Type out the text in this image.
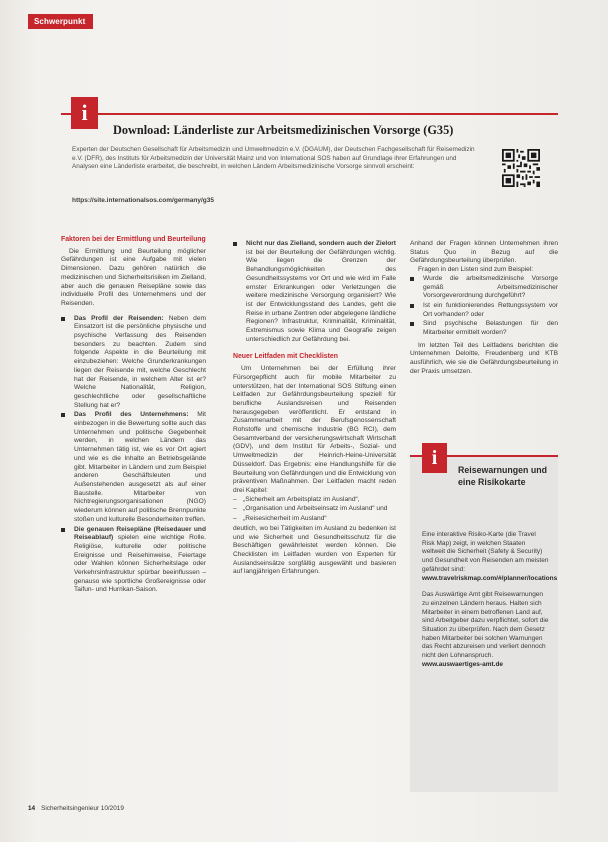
Schwerpunkt
i
Download: Länderliste zur Arbeitsmedizinischen Vorsorge (G35)
Experten der Deutschen Gesellschaft für Arbeitsmedizin und Umweltmedizin e.V. (DGAUM), der Deutschen Fachgesellschaft für Reisemedizin e.V. (DFR), des Instituts für Arbeitsmedizin der Universität Mainz und von International SOS haben auf Grundlage ihrer Erfahrungen und Analysen eine Länderliste erarbeitet, die beschreibt, in welchen Ländern Arbeitsmedizinische Vorsorge sinnvoll erscheint:
https://site.internationalsos.com/germany/g35
Faktoren bei der Ermittlung und Beurteilung

Die Ermittlung und Beurteilung möglicher Gefährdungen ist eine Aufgabe mit vielen Dimensionen. Dazu gehören natürlich die medizinischen und Sicherheitsrisiken im Zielland, aber auch die genauen Reisepläne sowie das individuelle Profil des Unternehmens und der Reisenden.

Das Profil der Reisenden: Neben dem Einsatzort ist die persönliche physische und psychische Verfassung des Reisenden besonders zu beachten. Zudem sind folgende Aspekte in die Beurteilung mit einzubeziehen: Welche Grunderkrankungen liegen der Reisende mit, welche Geschlecht hat der Reisende, in welchem Alter ist er? Welche Nationalität, Religion, geschlechtliche oder gesellschaftliche Stellung hat er?
Das Profil des Unternehmens: Mit einbezogen in die Bewertung sollte auch das Unternehmen und politische Gegebenheit werden, in welchen Ländern das Unternehmen tätig ist, wie es vor Ort agiert und wie es die Inhalte an Betriebsgelände gibt. Mitarbeiter in Ländern und zum Beispiel anderen Geschäftsleuten und Außenstehenden ausgesetzt als auf einer Baustelle. Mitarbeiter von Nichtregierungsorganisationen (NGO) wiederum können auf politische Brennpunkte stoßen und kulturelle Besonderheiten treffen.
Die genauen Reisepläne (Reisedauer und Reiseablauf) spielen eine wichtige Rolle. Religiöse, kulturelle oder politische Ereignisse und Reisehinweise, Feiertage oder Wahlen können Sicherheitslage oder Verkehrsinfrastruktur spürbar beeinflussen – genauso wie sportliche Großereignisse oder Taifun- und Hurrikan-Saison.
Nicht nur das Zielland, sondern auch der Zielort ist bei der Beurteilung der Gefährdungen wichtig. Wie liegen die Grenzen der Behandlungsmöglichkeiten des Gesundheitssystems vor Ort und wie wird im Falle ernster Erkrankungen oder Verletzungen die weitere medizinische Versorgung organisiert? Wie ist der Entwicklungsstand des Landes, geht die Reise in urbane Zentren oder abgelegene ländliche Regionen? Infrastruktur, Kriminalität, Kriminalität, Extremismus sowie Klima und Geografie zeigen unterschiedlich zur Gefährdung bei.
Neuer Leitfaden mit Checklisten

Um Unternehmen bei der Erfüllung ihrer Fürsorgepflicht auch für mobile Mitarbeiter zu unterstützen, hat der International SOS Stiftung einen Leitfaden zur Gefährdungsbeurteilung speziell für berufliche Auslandsreisen und Reisenden herausgegeben veröffentlicht. Er entstand in Zusammenarbeit mit der Berufsgenossenschaft Rohstoffe und chemische Industrie (BG RCI), dem Gesamtverband der versicherungswirtschaft Wirtschaft (GDV), und dem Institut für Arbeits-, Sozial- und Umweltmedizin der Heinrich-Heine-Universität Düsseldorf. Das Ergebnis: eine Handlungshilfe für die Beurteilung von Gefährdungen und die Entwicklung von präventiven Maßnahmen. Der Leitfaden macht reden drei Kapitel:

– „Sicherheit am Arbeitsplatz im Ausland“,
– „Organisation und Arbeitseinsatz im Ausland“ und
– „Reisesicherheit im Ausland“

deutlich, wo bei Tätigkeiten im Ausland zu bedenken ist und wie Sicherheit und Gesundheitsschutz für die Beschäftigen gewährleistet werden können. Die Checklisten im Leitfaden wurden von Experten für Auslandseinsätze sorgfältig ausgewählt und basieren auf langjährigen Erfahrungen.

Anhand der Fragen können Unternehmen ihren Status Quo in Bezug auf die Gefährdungsbeurteilung überprüfen.

Fragen in den Listen sind zum Beispiel:

Wurde die arbeitsmedizinische Vorsorge gemäß Arbeitsmedizinischer Vorsorgeverordnung durchgeführt?
Ist ein funktionierendes Rettungssystem vor Ort vorhanden? oder
Sind psychische Belastungen für den Mitarbeiter ermittelt worden?

Im letzten Teil des Leitfadens berichten die Unternehmen Deloitte, Freudenberg und KTB ausführlich, wie sie die Gefährdungsbeurteilung in der Praxis umsetzen.

i
Reisewarnungen und eine Risikokarte

Eine interaktive Risiko-Karte (die Travel Risk Map) zeigt, in welchen Staaten weltweit die Sicherheit (Safety & Security) und Gesundheit von Reisenden am meisten gefährdet sind:
www.travelriskmap.com/#/planner/locations

Das Auswärtige Amt gibt Reisewarnungen zu einzelnen Ländern heraus. Halten sich Mitarbeiter in einem betroffenen Land auf, sind Arbeitgeber dazu verpflichtet, sofort die Situation zu überprüfen. Nach dem Gesetz haben Mitarbeiter bei solchen Warnungen das Recht abzureisen und verliert dennoch nicht den Lohnanspruch.
www.auswaertiges-amt.de

14 Sicherheitsingenieur 10/2019
